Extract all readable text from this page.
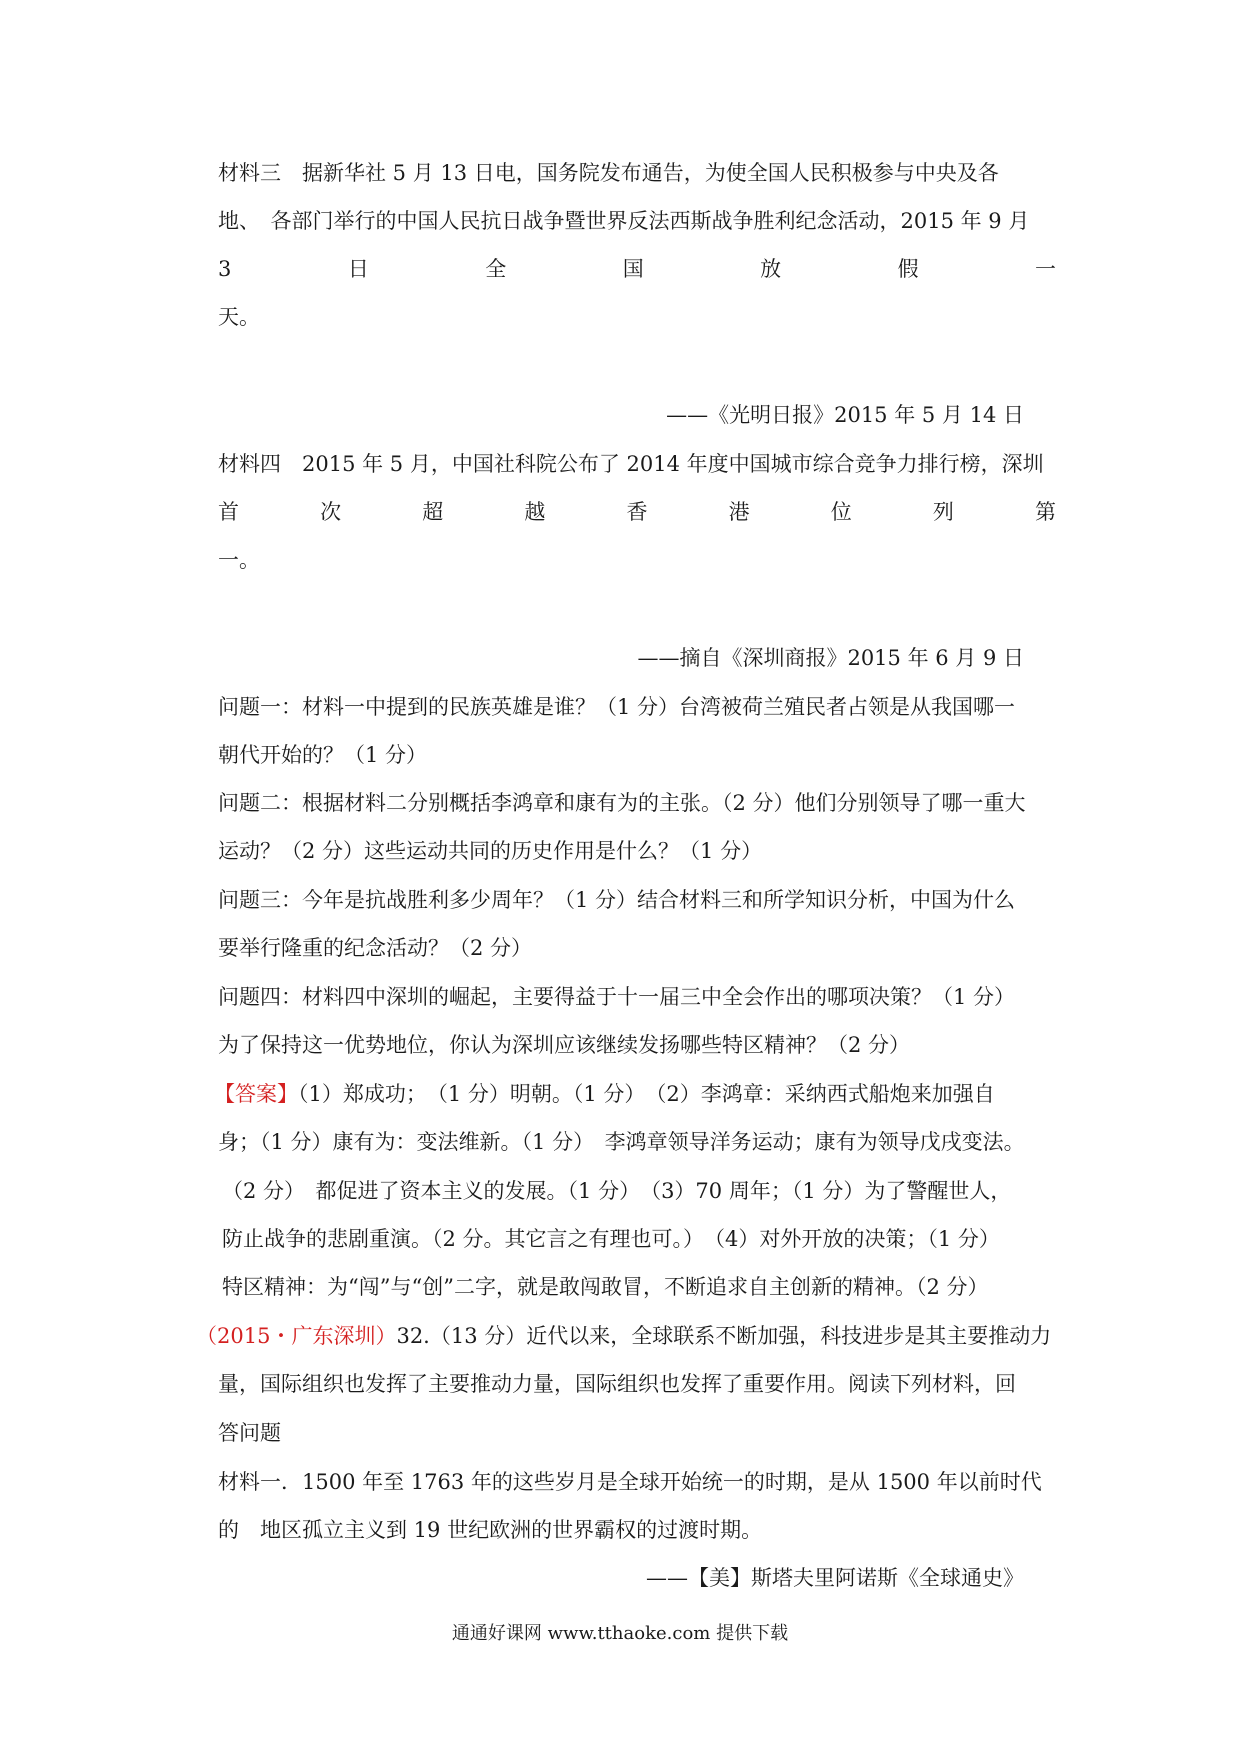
材料三　据新华社 5 月 13 日电，国务院发布通告，为使全国人民积极参与中央及各
地、　各部门举行的中国人民抗日战争暨世界反法西斯战争胜利纪念活动，2015 年 9 月
3	日	全	国	放	假	一
天。
——《光明日报》2015 年 5 月 14 日
材料四　2015 年 5 月，中国社科院公布了 2014 年度中国城市综合竞争力排行榜，深圳
首	次	超	越	香	港	位	列	第
一。
——摘自《深圳商报》2015 年 6 月 9 日
问题一：材料一中提到的民族英雄是谁？（1 分）台湾被荷兰殖民者占领是从我国哪一
朝代开始的？（1 分）
问题二：根据材料二分别概括李鸿章和康有为的主张。（2 分）他们分别领导了哪一重大
运动？（2 分）这些运动共同的历史作用是什么？（1 分）
问题三：今年是抗战胜利多少周年？（1 分）结合材料三和所学知识分析，中国为什么
要举行隆重的纪念活动？（2 分）
问题四：材料四中深圳的崛起，主要得益于十一届三中全会作出的哪项决策？（1 分）
为了保持这一优势地位，你认为深圳应该继续发扬哪些特区精神？（2 分）
【答案】（1）郑成功；　（1 分）明朝。（1 分）　（2）李鸿章：采纳西式船炮来加强自
身；（1 分）康有为：变法维新。（1 分）　李鸿章领导洋务运动；康有为领导戊戌变法。
（2 分）　都促进了资本主义的发展。（1 分）　（3）70 周年；（1 分）为了警醒世人，
防止战争的悲剧重演。（2 分。其它言之有理也可。）　（4）对外开放的决策；（1 分）
特区精神：为“闯”与“创”二字，就是敢闯敢冒，不断追求自主创新的精神。（2 分）
（2015・广东深圳）32.（13 分）近代以来，全球联系不断加强，科技进步是其主要推动力
量，国际组织也发挥了主要推动力量，国际组织也发挥了重要作用。阅读下列材料，回
答问题
材料一．1500 年至 1763 年的这些岁月是全球开始统一的时期，是从 1500 年以前时代
的　地区孤立主义到 19 世纪欧洲的世界霸权的过渡时期。
——【美】斯塔夫里阿诺斯《全球通史》
通通好课网 www.tthaoke.com 提供下载
